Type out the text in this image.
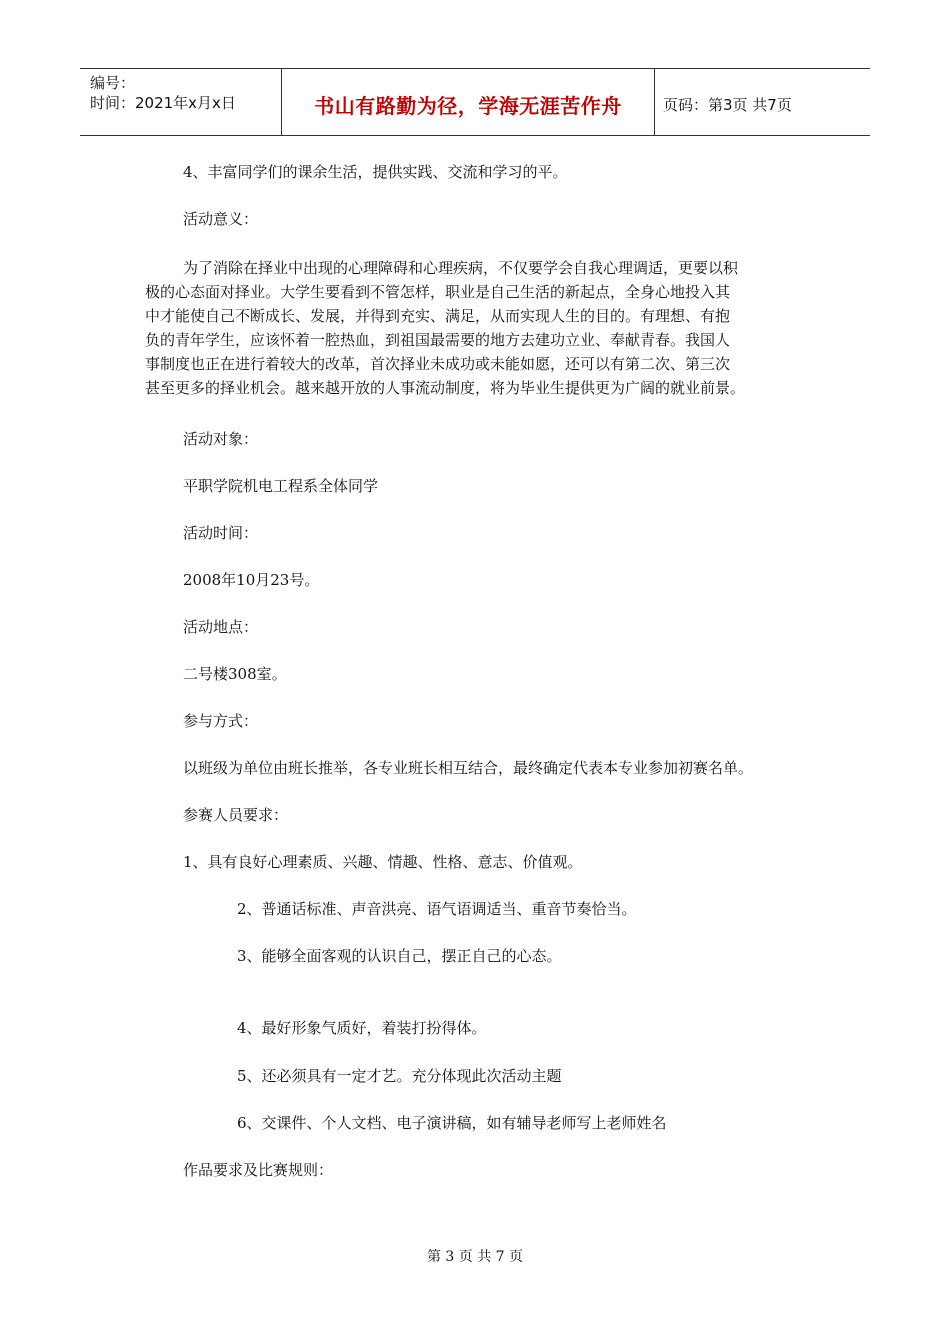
编号：
时间：2021年x月x日	书山有路勤为径，学海无涯苦作舟	页码：第3页 共7页
4、丰富同学们的课余生活，提供实践、交流和学习的平。
活动意义：
为了消除在择业中出现的心理障碍和心理疾病，不仅要学会自我心理调适，更要以积
极的心态面对择业。大学生要看到不管怎样，职业是自己生活的新起点，全身心地投入其
中才能使自己不断成长、发展，并得到充实、满足，从而实现人生的目的。有理想、有抱
负的青年学生，应该怀着一腔热血，到祖国最需要的地方去建功立业、奉献青春。我国人
事制度也正在进行着较大的改革，首次择业未成功或未能如愿，还可以有第二次、第三次
甚至更多的择业机会。越来越开放的人事流动制度，将为毕业生提供更为广阔的就业前景。
活动对象：
平职学院机电工程系全体同学
活动时间：
2008年10月23号。
活动地点：
二号楼308室。
参与方式：
以班级为单位由班长推举，各专业班长相互结合，最终确定代表本专业参加初赛名单。
参赛人员要求：
1、具有良好心理素质、兴趣、情趣、性格、意志、价值观。
2、普通话标准、声音洪亮、语气语调适当、重音节奏恰当。
3、能够全面客观的认识自己，摆正自己的心态。
4、最好形象气质好，着装打扮得体。
5、还必须具有一定才艺。充分体现此次活动主题
6、交课件、个人文档、电子演讲稿，如有辅导老师写上老师姓名
作品要求及比赛规则：
第 3 页 共 7 页
